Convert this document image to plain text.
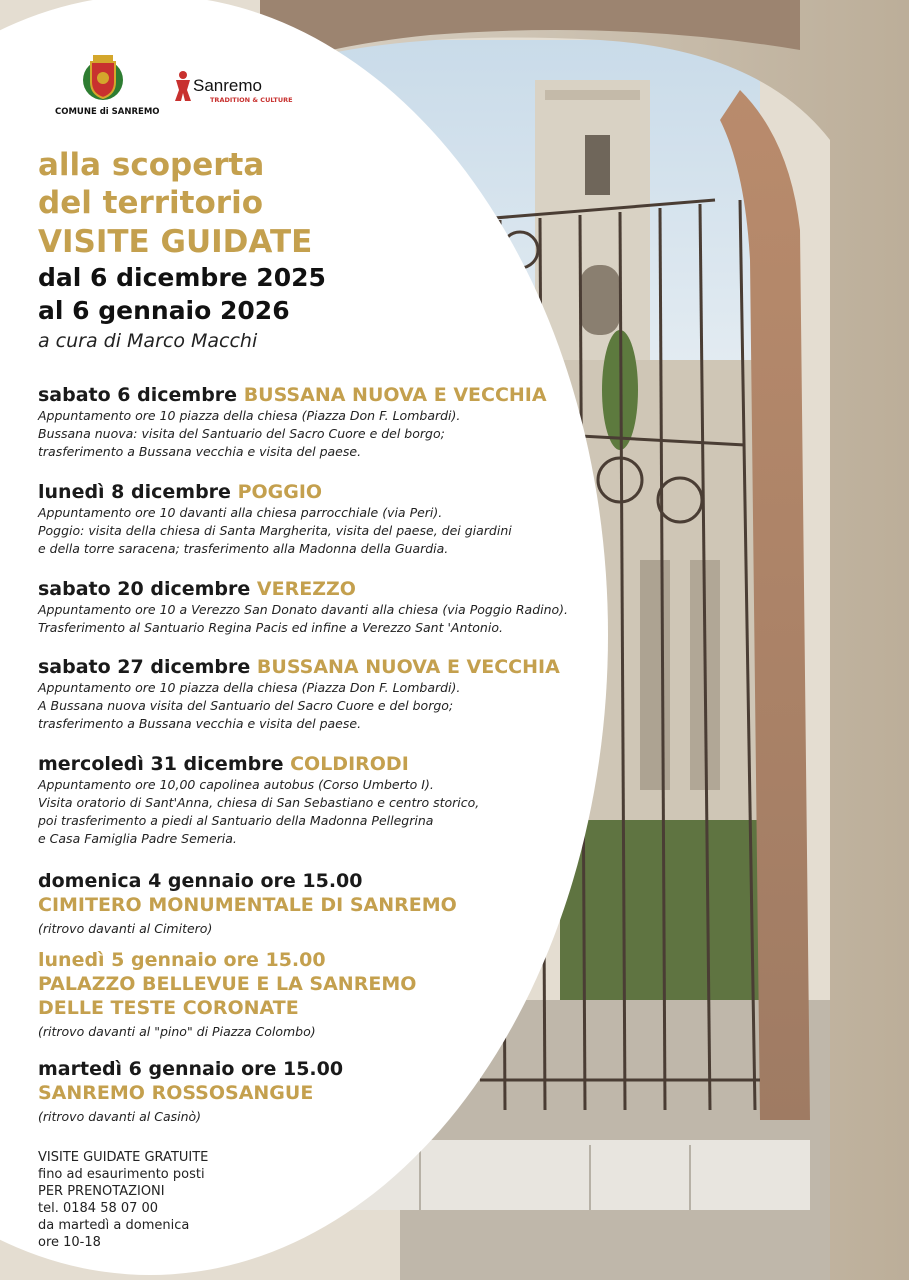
COMUNE di SANREMO
Sanremo
TRADITION & CULTURE
alla scoperta
del territorio
VISITE GUIDATE
dal 6 dicembre 2025
al 6 gennaio 2026
a cura di Marco Macchi
sabato 6 dicembre BUSSANA NUOVA E VECCHIA
Appuntamento ore 10 piazza della chiesa (Piazza Don F. Lombardi).
Bussana nuova: visita del Santuario del Sacro Cuore e del borgo;
trasferimento a Bussana vecchia e visita del paese.
lunedì 8 dicembre POGGIO
Appuntamento ore 10 davanti alla chiesa parrocchiale (via Peri).
Poggio: visita della chiesa di Santa Margherita, visita del paese, dei giardini
e della torre saracena; trasferimento alla Madonna della Guardia.
sabato 20 dicembre VEREZZO
Appuntamento ore 10 a Verezzo San Donato davanti alla chiesa (via Poggio Radino).
Trasferimento al Santuario Regina Pacis ed infine a Verezzo Sant 'Antonio.
sabato 27 dicembre BUSSANA NUOVA E VECCHIA
Appuntamento ore 10 piazza della chiesa (Piazza Don F. Lombardi).
A Bussana nuova visita del Santuario del Sacro Cuore e del borgo;
trasferimento a Bussana vecchia e visita del paese.
mercoledì 31 dicembre COLDIRODI
Appuntamento ore 10,00 capolinea autobus (Corso Umberto I).
Visita oratorio di Sant'Anna, chiesa di San Sebastiano e centro storico,
poi trasferimento a piedi al Santuario della Madonna Pellegrina
e Casa Famiglia Padre Semeria.
domenica 4 gennaio ore 15.00
CIMITERO MONUMENTALE DI SANREMO
(ritrovo davanti al Cimitero)
lunedì 5 gennaio ore 15.00
PALAZZO BELLEVUE E LA SANREMO
DELLE TESTE CORONATE
(ritrovo davanti al "pino" di Piazza Colombo)
martedì 6 gennaio ore 15.00
SANREMO ROSSOSANGUE
(ritrovo davanti al Casinò)
VISITE GUIDATE GRATUITE
fino ad esaurimento posti
PER PRENOTAZIONI
tel. 0184 58 07 00
da martedì a domenica
ore 10-18
